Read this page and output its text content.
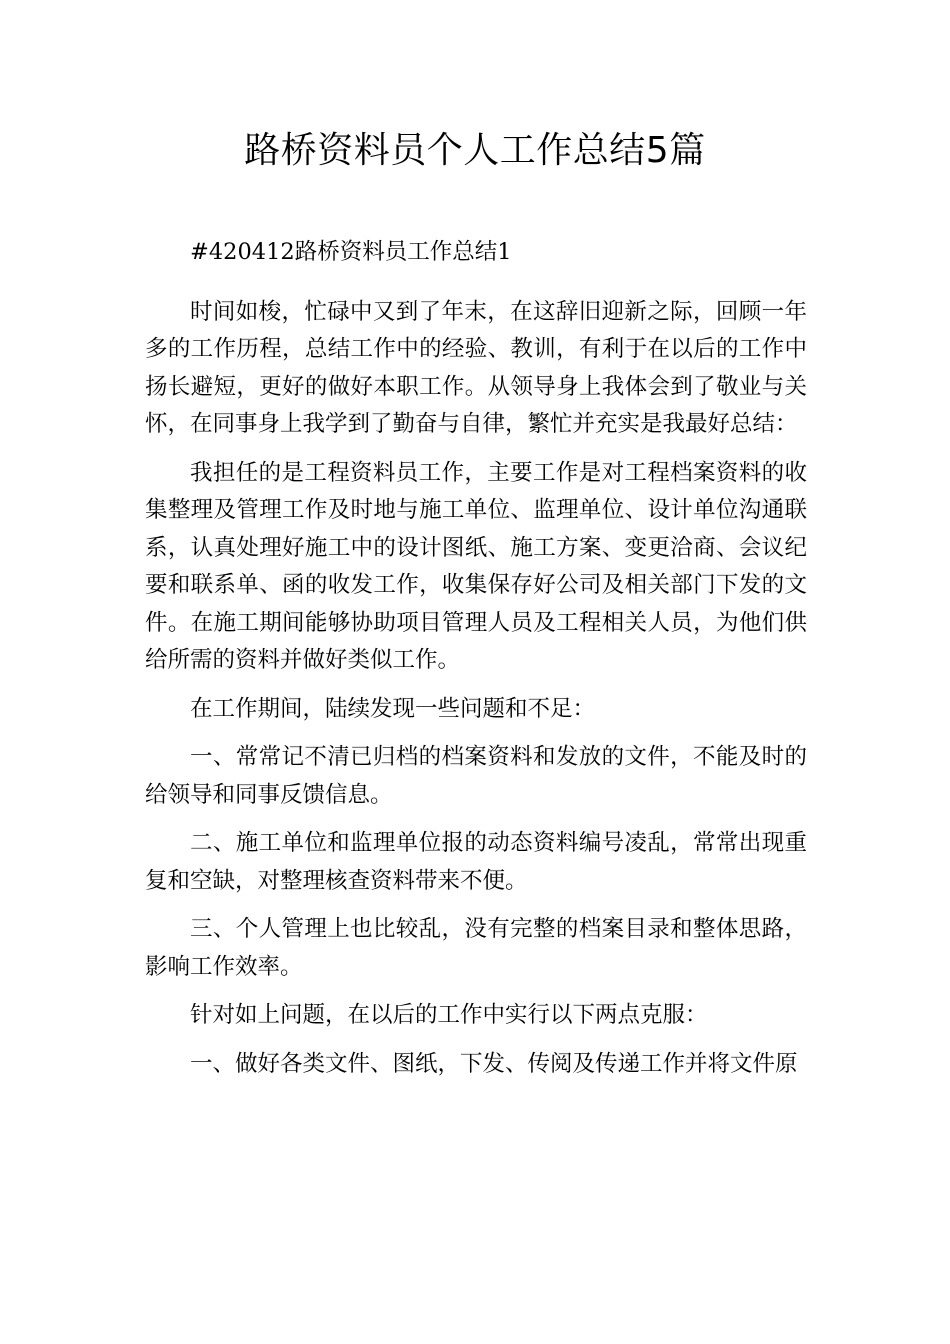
路桥资料员个人工作总结5篇

#420412路桥资料员工作总结1

时间如梭，忙碌中又到了年末，在这辞旧迎新之际，回顾一年多的工作历程，总结工作中的经验、教训，有利于在以后的工作中扬长避短，更好的做好本职工作。从领导身上我体会到了敬业与关怀，在同事身上我学到了勤奋与自律，繁忙并充实是我最好总结：

我担任的是工程资料员工作，主要工作是对工程档案资料的收集整理及管理工作及时地与施工单位、监理单位、设计单位沟通联系，认真处理好施工中的设计图纸、施工方案、变更洽商、会议纪要和联系单、函的收发工作，收集保存好公司及相关部门下发的文件。在施工期间能够协助项目管理人员及工程相关人员，为他们供给所需的资料并做好类似工作。

在工作期间，陆续发现一些问题和不足：

一、常常记不清已归档的档案资料和发放的文件，不能及时的给领导和同事反馈信息。

二、施工单位和监理单位报的动态资料编号凌乱，常常出现重复和空缺，对整理核查资料带来不便。

三、个人管理上也比较乱，没有完整的档案目录和整体思路，影响工作效率。

针对如上问题，在以后的工作中实行以下两点克服：

一、做好各类文件、图纸，下发、传阅及传递工作并将文件原
